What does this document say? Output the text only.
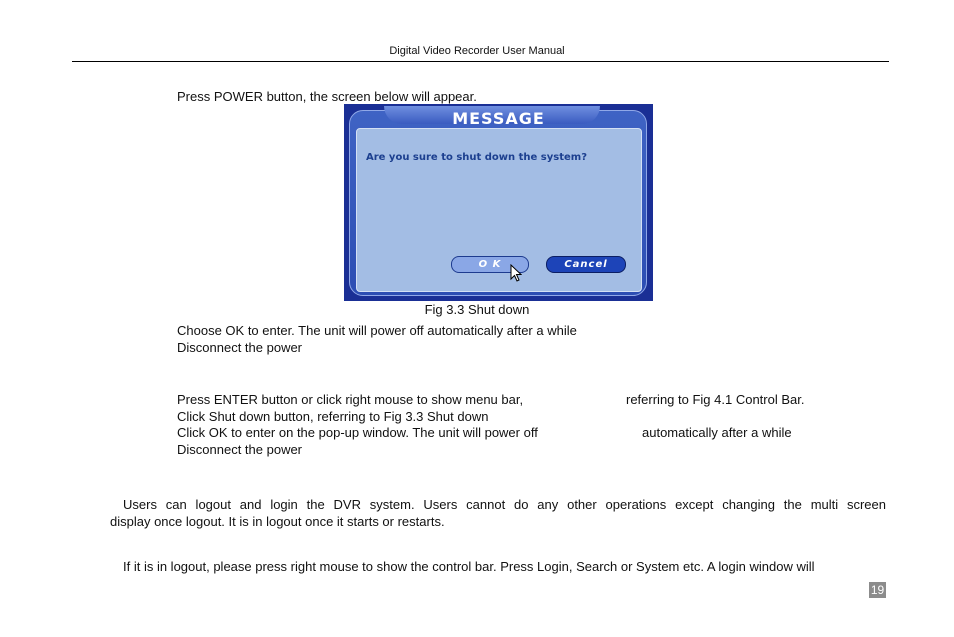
Digital Video Recorder User Manual
Press POWER button, the screen below will appear.
MESSAGE
Are you sure to shut down the system?
O K	Cancel
Fig 3.3 Shut down
Choose OK to enter. The unit will power off automatically after a while
Disconnect the power
Press ENTER button or click right mouse to show menu bar,	referring to Fig 4.1 Control Bar.
Click Shut down button, referring to Fig 3.3 Shut down
Click OK to enter on the pop-up window. The unit will power off	automatically after a while
Disconnect the power
Users can logout and login the DVR system. Users cannot do any other operations except changing the multi screen
display once logout. It is in logout once it starts or restarts.
If it is in logout, please press right mouse to show the control bar. Press Login, Search or System etc. A login window will
19
